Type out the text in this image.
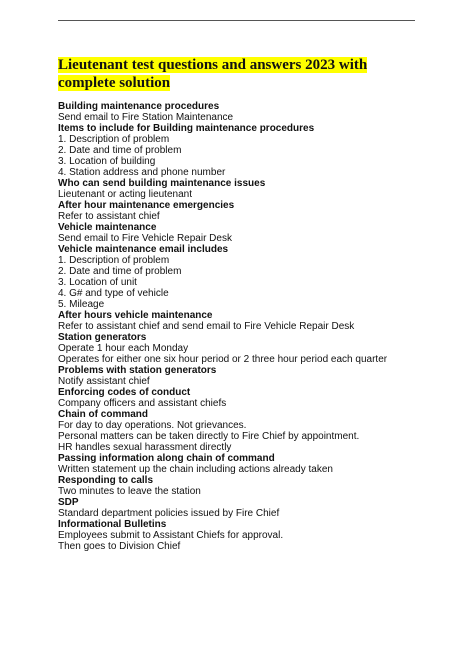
Lieutenant test questions and answers 2023 with complete solution
Building maintenance procedures
Send email to Fire Station Maintenance
Items to include for Building maintenance procedures
1. Description of problem
2. Date and time of problem
3. Location of building
4. Station address and phone number
Who can send building maintenance issues
Lieutenant or acting lieutenant
After hour maintenance emergencies
Refer to assistant chief
Vehicle maintenance
Send email to Fire Vehicle Repair Desk
Vehicle maintenance email includes
1. Description of problem
2. Date and time of problem
3. Location of unit
4. G# and type of vehicle
5. Mileage
After hours vehicle maintenance
Refer to assistant chief and send email to Fire Vehicle Repair Desk
Station generators
Operate 1 hour each Monday
Operates for either one six hour period or 2 three hour period each quarter
Problems with station generators
Notify assistant chief
Enforcing codes of conduct
Company officers and assistant chiefs
Chain of command
For day to day operations. Not grievances.
Personal matters can be taken directly to Fire Chief by appointment.
HR handles sexual harassment directly
Passing information along chain of command
Written statement up the chain including actions already taken
Responding to calls
Two minutes to leave the station
SDP
Standard department policies issued by Fire Chief
Informational Bulletins
Employees submit to Assistant Chiefs for approval.
Then goes to Division Chief
